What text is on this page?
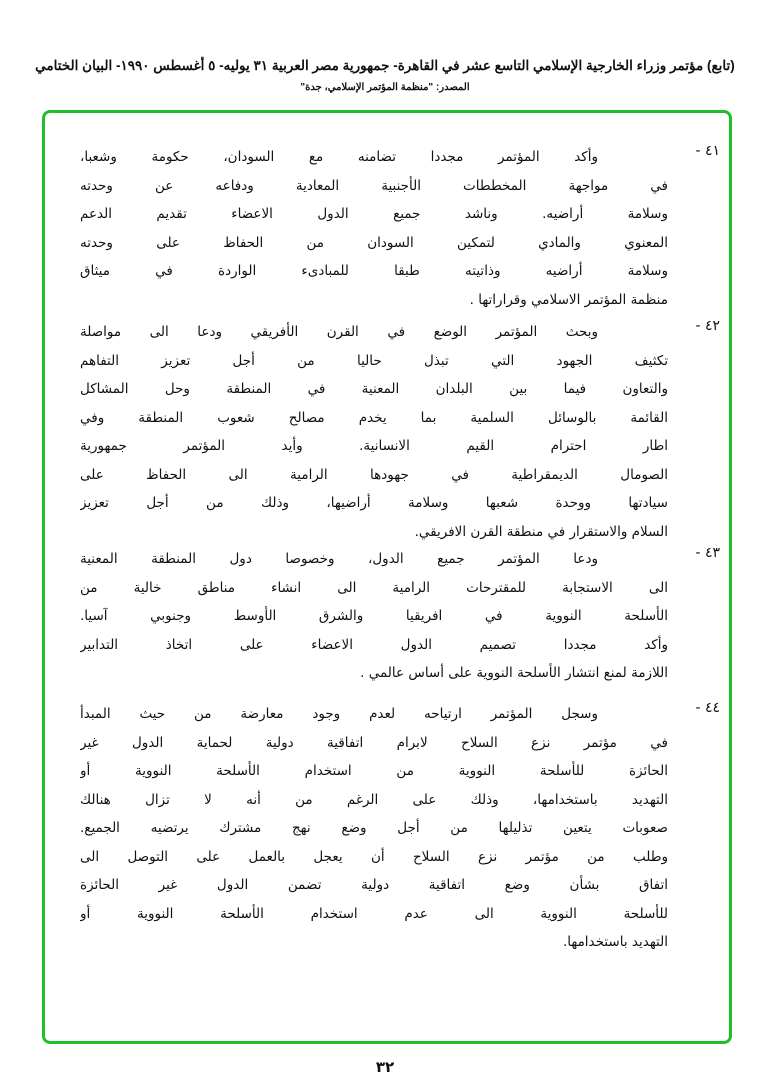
(تابع) مؤتمر وزراء الخارجية الإسلامي التاسع عشر في القاهرة- جمهورية مصر العربية ٣١ يوليه- ٥ أغسطس ١٩٩٠- البيان الختامي
المصدر: "منظمة المؤتمر الإسلامي، جدة"
٤١ -
وأكد المؤتمر مجددا تضامنه مع السودان، حكومة وشعبا،
في مواجهة المخططات الأجنبية المعادية ودفاعه عن وحدته
وسلامة أراضيه. وناشد جميع الدول الاعضاء تقديم الدعم
المعنوي والمادي لتمكين السودان من الحفاظ على وحدته
وسلامة أراضيه وذاتيته طبقا للمبادىء الواردة في ميثاق
منظمة المؤتمر الاسلامي وقراراتها .
٤٢ -
وبحث المؤتمر الوضع في القرن الأفريقي ودعا الى مواصلة
تكثيف الجهود التي تبذل حاليا من أجل تعزيز التفاهم
والتعاون فيما بين البلدان المعنية في المنطقة وحل المشاكل
القائمة بالوسائل السلمية بما يخدم مصالح شعوب المنطقة وفي
اطار احترام القيم الانسانية. وأيد المؤتمر جمهورية
الصومال الديمقراطية في جهودها الرامية الى الحفاظ على
سيادتها ووحدة شعبها وسلامة أراضيها، وذلك من أجل تعزيز
السلام والاستقرار في منطقة القرن الافريقي.
٤٣ -
ودعا المؤتمر جميع الدول، وخصوصا دول المنطقة المعنية
الى الاستجابة للمقترحات الرامية الى انشاء مناطق خالية من
الأسلحة النووية في افريقيا والشرق الأوسط وجنوبي آسيا.
وأكد مجددا تصميم الدول الاعضاء على اتخاذ التدابير
اللازمة لمنع انتشار الأسلحة النووية على أساس عالمي .
٤٤ -
وسجل المؤتمر ارتياحه لعدم وجود معارضة من حيث المبدأ
في مؤتمر نزع السلاح لابرام اتفاقية دولية لحماية الدول غير
الحائزة للأسلحة النووية من استخدام الأسلحة النووية أو
التهديد باستخدامها، وذلك على الرغم من أنه لا تزال هنالك
صعوبات يتعين تذليلها من أجل وضع نهج مشترك يرتضيه الجميع.
وطلب من مؤتمر نزع السلاح أن يعجل بالعمل على التوصل الى
اتفاق بشأن وضع اتفاقية دولية تضمن الدول غير الحائزة
للأسلحة النووية الى عدم استخدام الأسلحة النووية أو
التهديد باستخدامها.
٣٢
